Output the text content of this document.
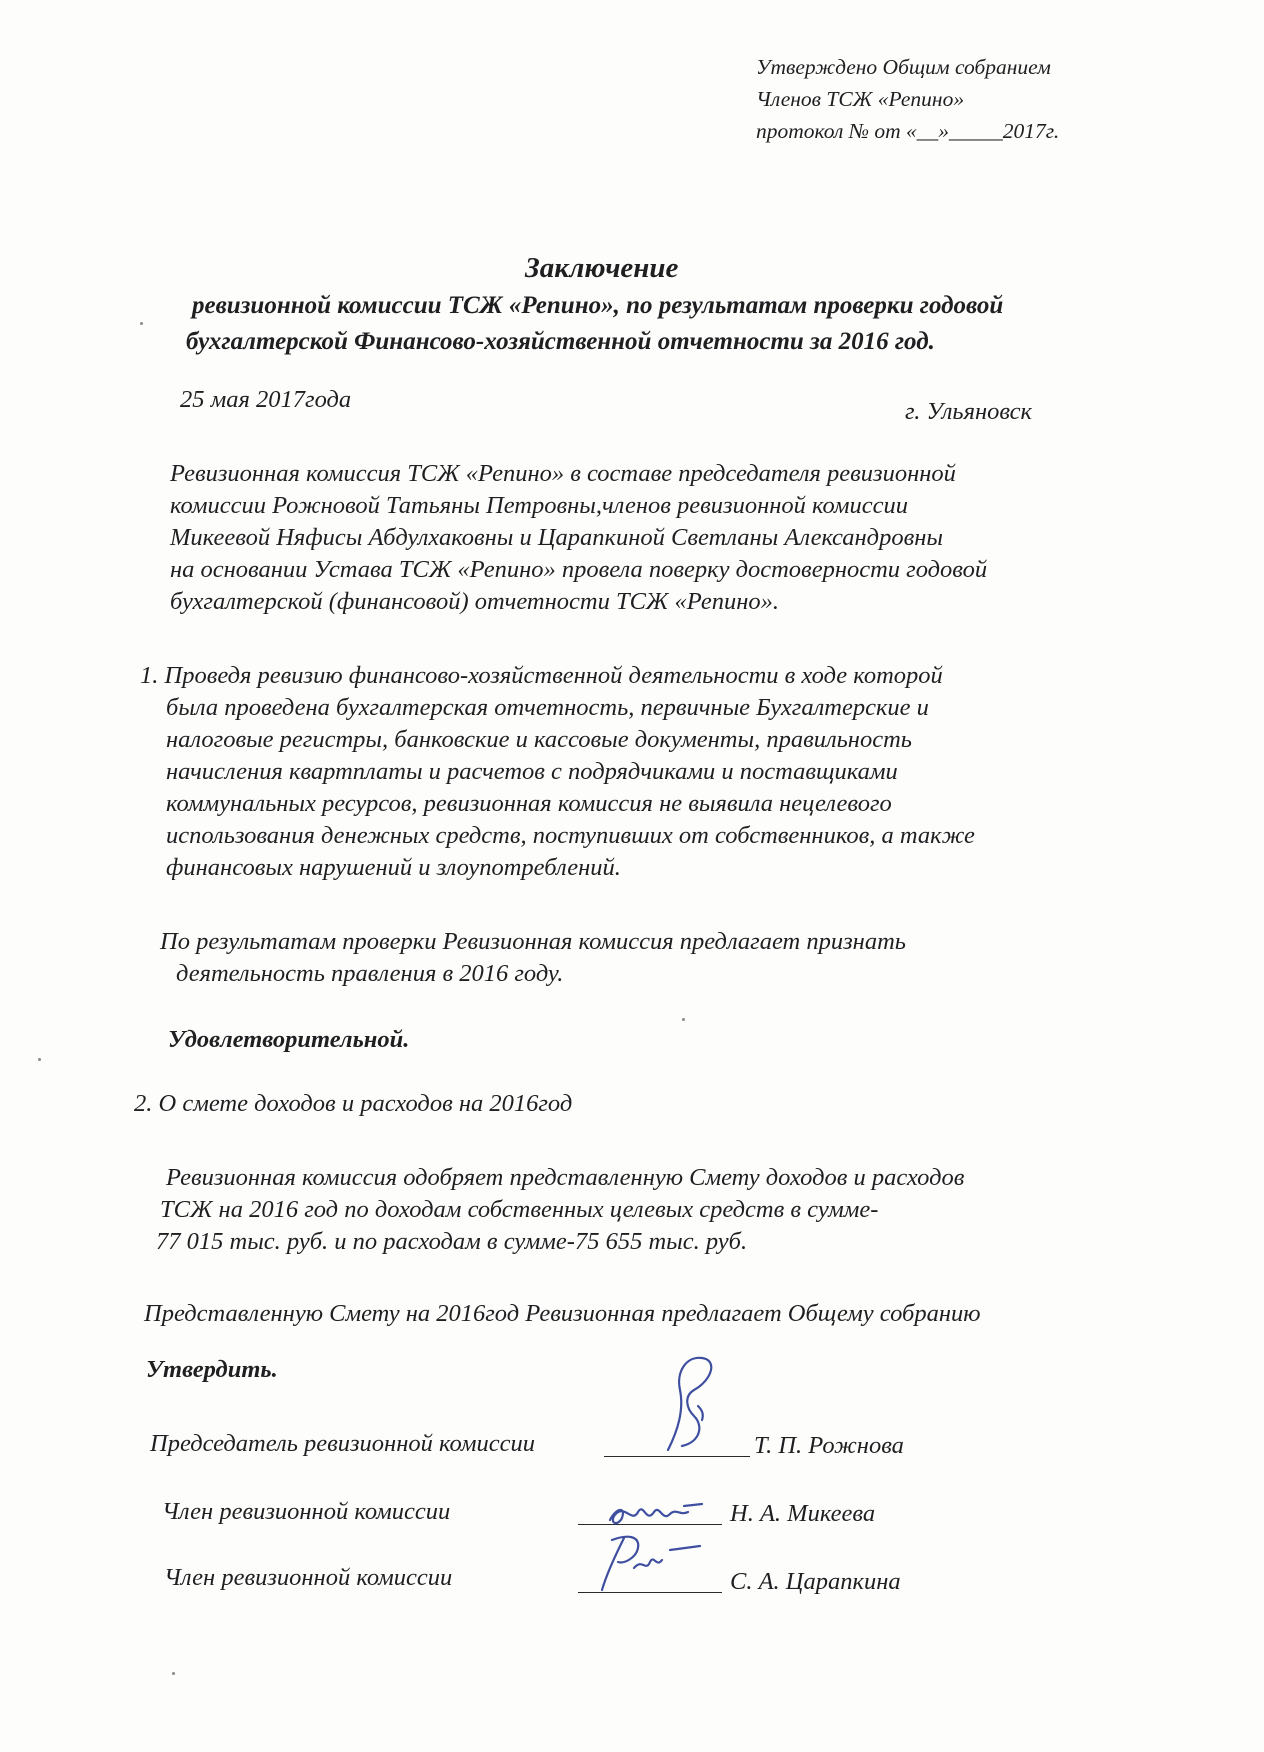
Утверждено Общим собранием
Членов ТСЖ «Репино»
протокол № от «__»_____2017г.
Заключение
ревизионной комиссии ТСЖ «Репино», по результатам проверки годовой
бухгалтерской Финансово-хозяйственной отчетности за 2016 год.
25 мая 2017года	г. Ульяновск
Ревизионная комиссия ТСЖ «Репино» в составе председателя ревизионной
комиссии Рожновой Татьяны Петровны,членов ревизионной комиссии
Микеевой Няфисы Абдулхаковны и Царапкиной Светланы Александровны
на основании Устава ТСЖ «Репино» провела поверку достоверности годовой
бухгалтерской (финансовой) отчетности ТСЖ «Репино».
1. Проведя ревизию финансово-хозяйственной деятельности в ходе которой
была проведена бухгалтерская отчетность, первичные Бухгалтерские и
налоговые регистры, банковские и кассовые документы, правильность
начисления квартплаты и расчетов с подрядчиками и поставщиками
коммунальных ресурсов, ревизионная комиссия не выявила нецелевого
использования денежных средств, поступивших от собственников, а также
финансовых нарушений и злоупотреблений.
По результатам проверки Ревизионная комиссия предлагает признать
деятельность правления в 2016 году.
Удовлетворительной.
2. О смете доходов и расходов на 2016год
Ревизионная комиссия одобряет представленную Смету доходов и расходов
ТСЖ на 2016 год по доходам собственных целевых средств в сумме-
77 015 тыс. руб. и по расходам в сумме-75 655 тыс. руб.
Представленную Смету на 2016год Ревизионная предлагает Общему собранию
Утвердить.
Председатель ревизионной комиссии	Т. П. Рожнова
Член ревизионной комиссии	Н. А. Микеева
Член ревизионной комиссии	С. А. Царапкина
